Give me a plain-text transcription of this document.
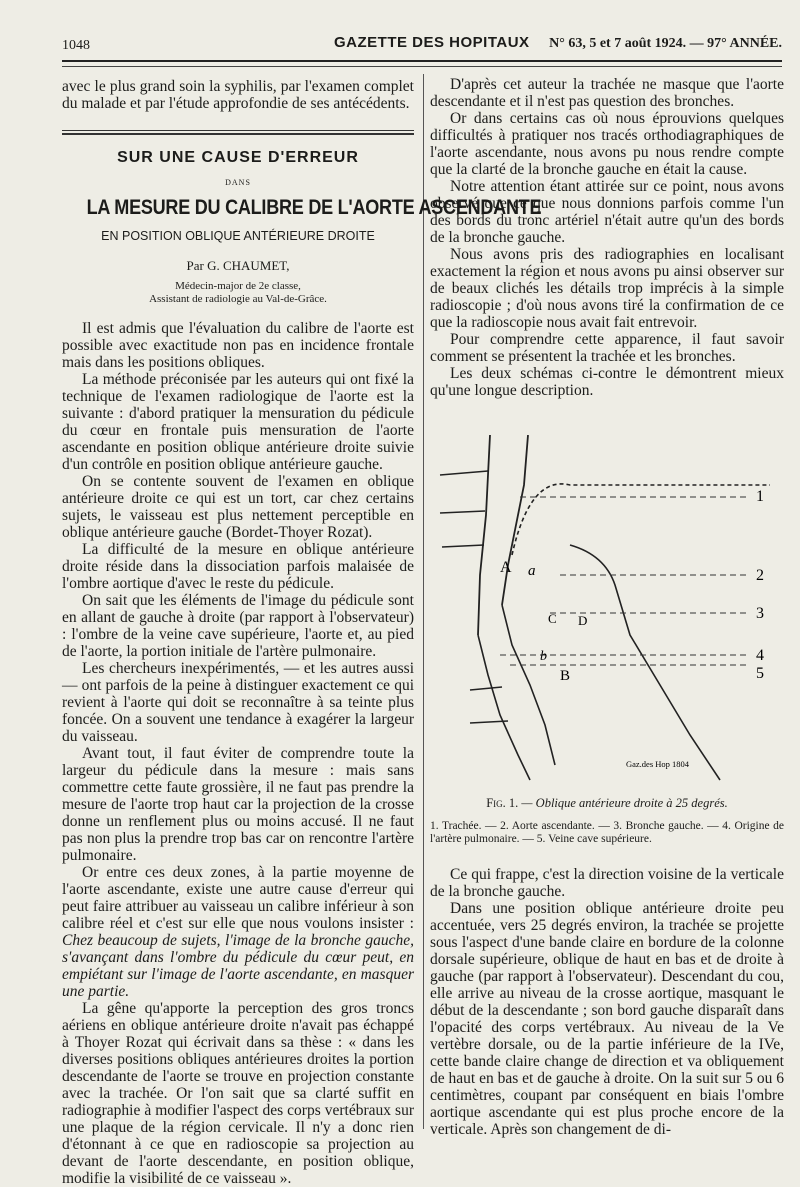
1048	GAZETTE DES HOPITAUX N° 63, 5 et 7 août 1924. — 97° ANNÉE.

avec le plus grand soin la syphilis, par l'examen complet du malade et par l'étude approfondie de ses antécédents.

SUR UNE CAUSE D'ERREUR
DANS
LA MESURE DU CALIBRE DE L'AORTE ASCENDANTE
EN POSITION OBLIQUE ANTÉRIEURE DROITE
Par G. CHAUMET,
Médecin-major de 2e classe,
Assistant de radiologie au Val-de-Grâce.

Il est admis que l'évaluation du calibre de l'aorte est possible avec exactitude non pas en incidence frontale mais dans les positions obliques.

La méthode préconisée par les auteurs qui ont fixé la technique de l'examen radiologique de l'aorte est la suivante : d'abord pratiquer la mensuration du pédicule du cœur en frontale puis mensuration de l'aorte ascendante en position oblique antérieure droite suivie d'un contrôle en position oblique antérieure gauche.

On se contente souvent de l'examen en oblique antérieure droite ce qui est un tort, car chez certains sujets, le vaisseau est plus nettement perceptible en oblique antérieure gauche (Bordet-Thoyer Rozat).

La difficulté de la mesure en oblique antérieure droite réside dans la dissociation parfois malaisée de l'ombre aortique d'avec le reste du pédicule.

On sait que les éléments de l'image du pédicule sont en allant de gauche à droite (par rapport à l'observateur) : l'ombre de la veine cave supérieure, l'aorte et, au pied de l'aorte, la portion initiale de l'artère pulmonaire.

Les chercheurs inexpérimentés, — et les autres aussi — ont parfois de la peine à distinguer exactement ce qui revient à l'aorte qui doit se reconnaître à sa teinte plus foncée. On a souvent une tendance à exagérer la largeur du vaisseau.

Avant tout, il faut éviter de comprendre toute la largeur du pédicule dans la mesure : mais sans commettre cette faute grossière, il ne faut pas prendre la mesure de l'aorte trop haut car la projection de la crosse donne un renflement plus ou moins accusé. Il ne faut pas non plus la prendre trop bas car on rencontre l'artère pulmonaire.

Or entre ces deux zones, à la partie moyenne de l'aorte ascendante, existe une autre cause d'erreur qui peut faire attribuer au vaisseau un calibre inférieur à son calibre réel et c'est sur elle que nous voulons insister : Chez beaucoup de sujets, l'image de la bronche gauche, s'avançant dans l'ombre du pédicule du cœur peut, en empiétant sur l'image de l'aorte ascendante, en masquer une partie.

La gêne qu'apporte la perception des gros troncs aériens en oblique antérieure droite n'avait pas échappé à Thoyer Rozat qui écrivait dans sa thèse : « dans les diverses positions obliques antérieures droites la portion descendante de l'aorte se trouve en projection constante avec la trachée. Or l'on sait que sa clarté suffit en radiographie à modifier l'aspect des corps vertébraux sur une plaque de la région cervicale. Il n'y a donc rien d'étonnant à ce que en radioscopie sa projection au devant de l'aorte descendante, en position oblique, modifie la visibilité de ce vaisseau ».

D'après cet auteur la trachée ne masque que l'aorte descendante et il n'est pas question des bronches.

Or dans certains cas où nous éprouvions quelques difficultés à pratiquer nos tracés orthodiagraphiques de l'aorte ascendante, nous avons pu nous rendre compte que la clarté de la bronche gauche en était la cause.

Notre attention étant attirée sur ce point, nous avons observé que ce que nous donnions parfois comme l'un des bords du tronc artériel n'était autre qu'un des bords de la bronche gauche.

Nous avons pris des radiographies en localisant exactement la région et nous avons pu ainsi observer sur de beaux clichés les détails trop imprécis à la simple radioscopie ; d'où nous avons tiré la confirmation de ce que la radioscopie nous avait fait entrevoir.

Pour comprendre cette apparence, il faut savoir comment se présentent la trachée et les bronches.

Les deux schémas ci-contre le démontrent mieux qu'une longue description.

A a
C D
b
B
1
2
3
4
5
Gaz.des Hop 1804
Fig. 1. — Oblique antérieure droite à 25 degrés.
1. Trachée. — 2. Aorte ascendante. — 3. Bronche gauche. — 4. Origine de l'artère pulmonaire. — 5. Veine cave supérieure.

Ce qui frappe, c'est la direction voisine de la verticale de la bronche gauche.

Dans une position oblique antérieure droite peu accentuée, vers 25 degrés environ, la trachée se projette sous l'aspect d'une bande claire en bordure de la colonne dorsale supérieure, oblique de haut en bas et de droite à gauche (par rapport à l'observateur). Descendant du cou, elle arrive au niveau de la crosse aortique, masquant le début de la descendante ; son bord gauche disparaît dans l'opacité des corps vertébraux. Au niveau de la Ve vertèbre dorsale, ou de la partie inférieure de la IVe, cette bande claire change de direction et va obliquement de haut en bas et de gauche à droite. On la suit sur 5 ou 6 centimètres, coupant par conséquent en biais l'ombre aortique ascendante qui est plus proche encore de la verticale. Après son changement de di-
